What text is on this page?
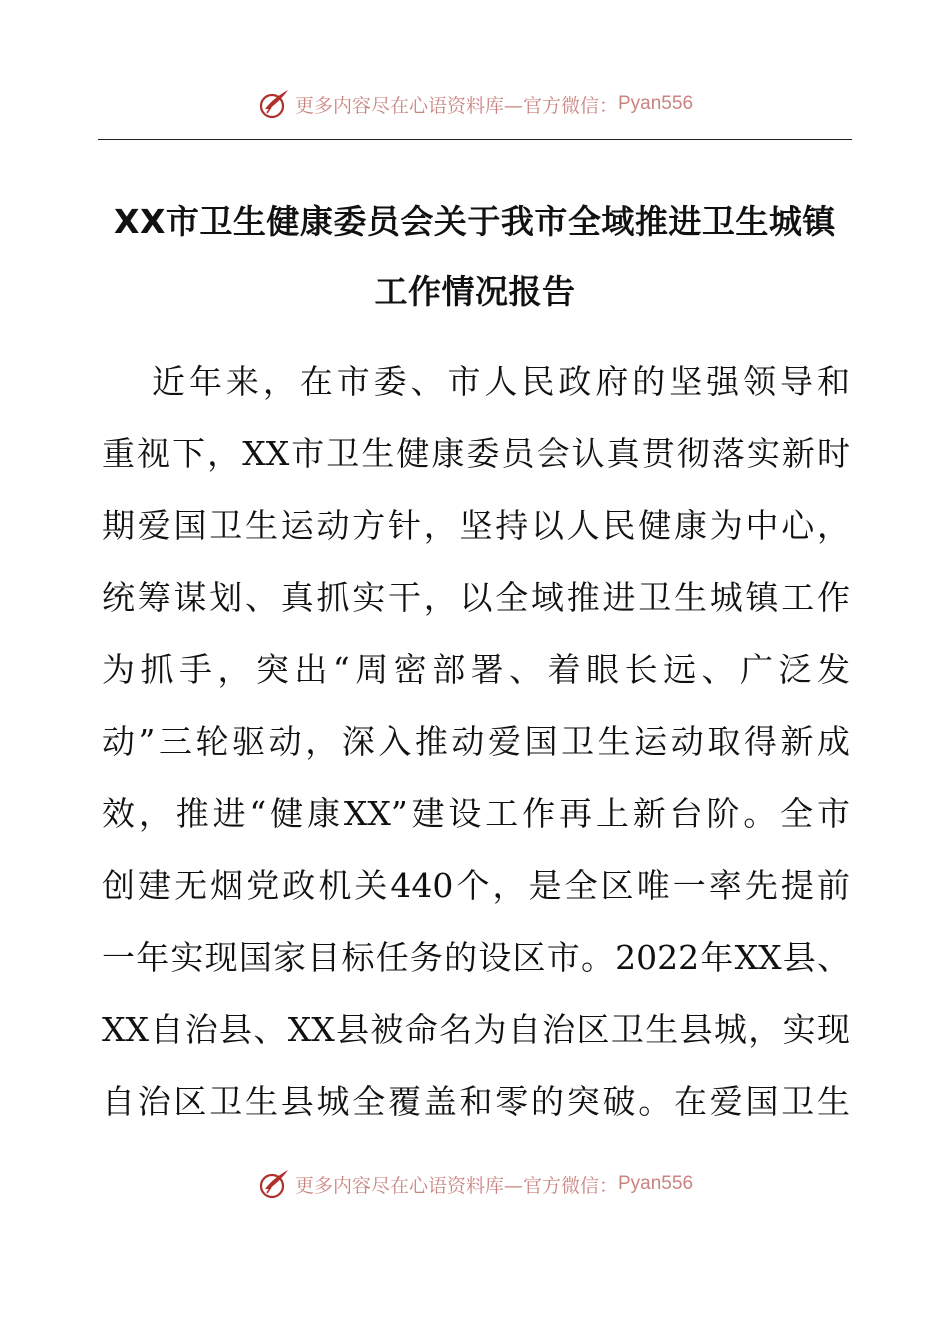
更多内容尽在心语资料库—官方微信： Pyan556
XX市卫生健康委员会关于我市全域推进卫生城镇
工作情况报告
近年来，在市委、市人民政府的坚强领导和
重视下，XX市卫生健康委员会认真贯彻落实新时
期爱国卫生运动方针，坚持以人民健康为中心，
统筹谋划、真抓实干，以全域推进卫生城镇工作
为抓手，突出“周密部署、着眼长远、广泛发
动”三轮驱动，深入推动爱国卫生运动取得新成
效，推进“健康XX”建设工作再上新台阶。全市
创建无烟党政机关440个，是全区唯一率先提前
一年实现国家目标任务的设区市。2022年XX县、
XX自治县、XX县被命名为自治区卫生县城，实现
自治区卫生县城全覆盖和零的突破。在爱国卫生
更多内容尽在心语资料库—官方微信： Pyan556
